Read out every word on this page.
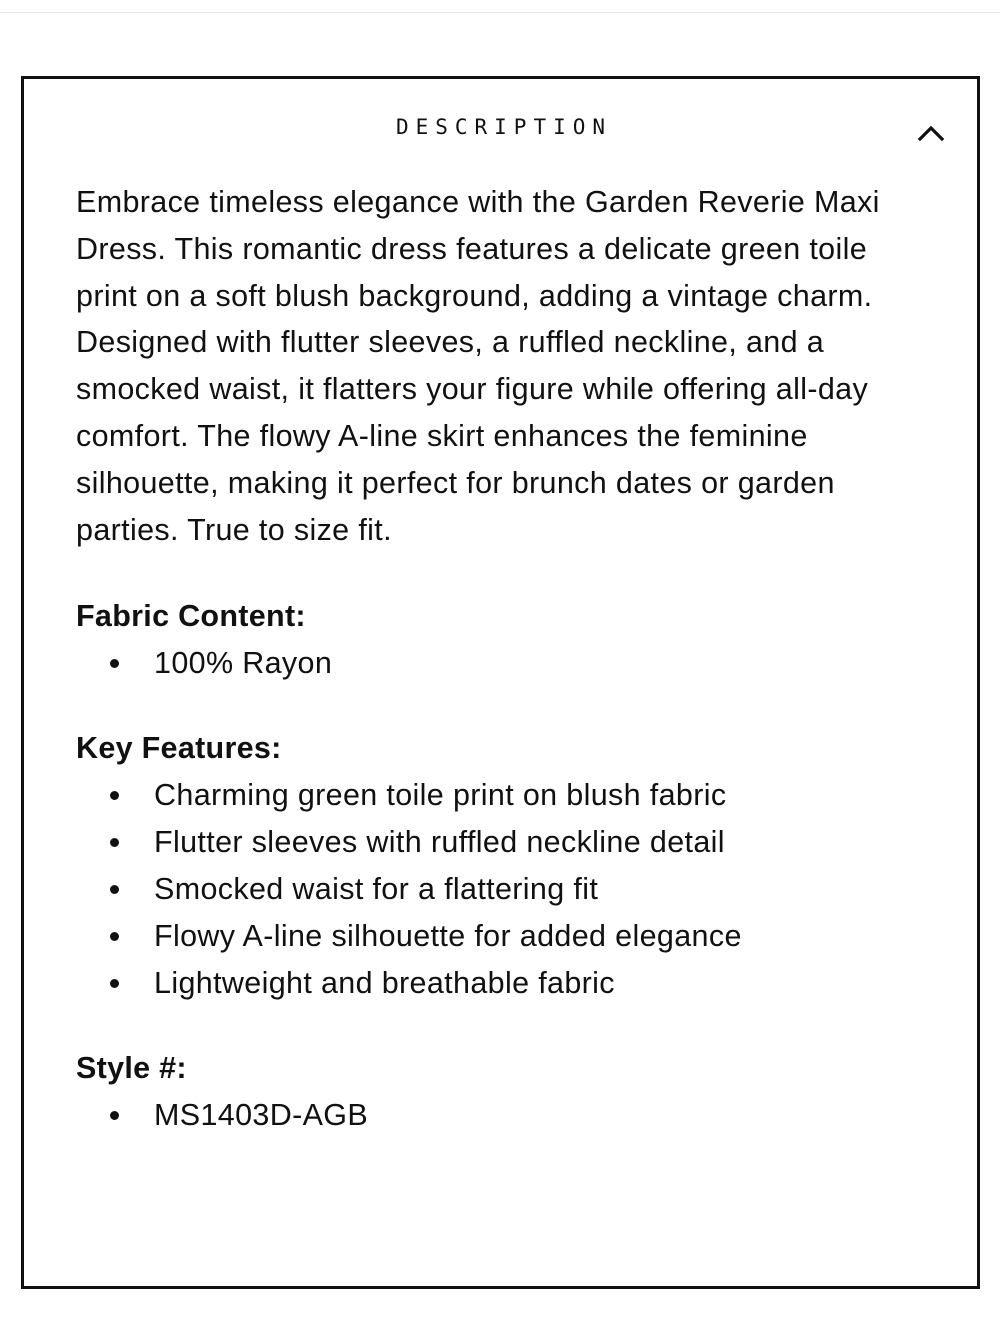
DESCRIPTION

Embrace timeless elegance with the Garden Reverie Maxi Dress. This romantic dress features a delicate green toile print on a soft blush background, adding a vintage charm. Designed with flutter sleeves, a ruffled neckline, and a smocked waist, it flatters your figure while offering all-day comfort. The flowy A-line skirt enhances the feminine silhouette, making it perfect for brunch dates or garden parties. True to size fit.

Fabric Content:

100% Rayon

Key Features:

Charming green toile print on blush fabric
Flutter sleeves with ruffled neckline detail
Smocked waist for a flattering fit
Flowy A-line silhouette for added elegance
Lightweight and breathable fabric

Style #:

MS1403D-AGB
